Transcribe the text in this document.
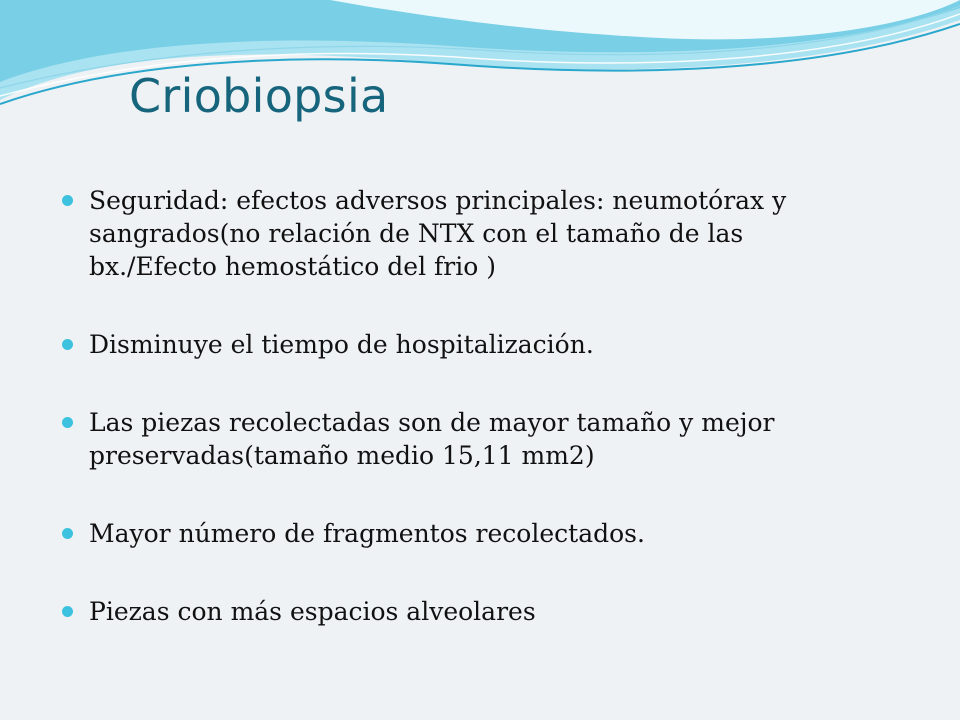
Criobiopsia
Seguridad: efectos adversos principales: neumotórax y sangrados(no relación de NTX con el tamaño de las bx./Efecto hemostático del frio )
Disminuye el tiempo de hospitalización.
Las piezas recolectadas son de mayor tamaño y mejor preservadas(tamaño medio 15,11 mm2)
Mayor número de fragmentos recolectados.
Piezas con más espacios alveolares
